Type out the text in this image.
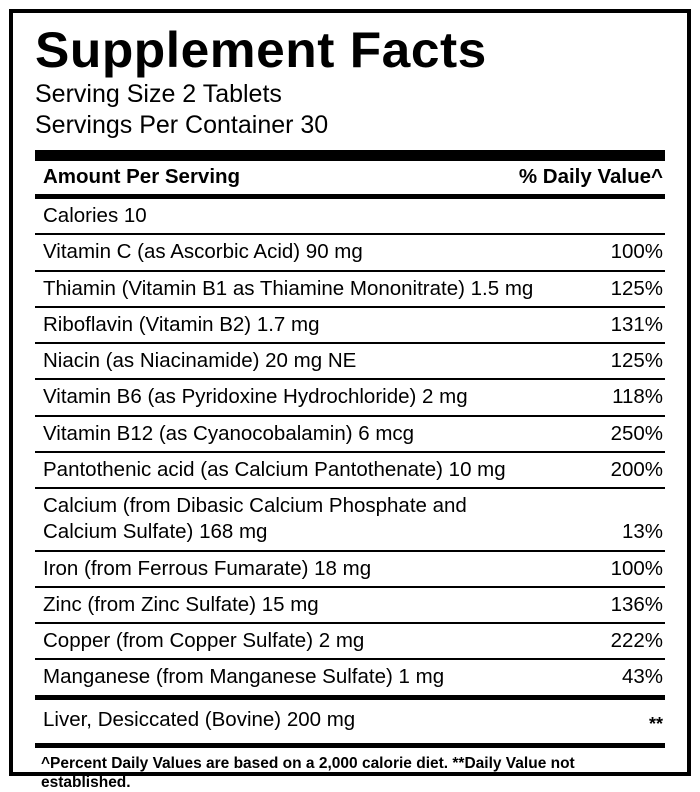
Supplement Facts
Serving Size 2 Tablets
Servings Per Container 30
Amount Per Serving	% Daily Value^
Calories 10
Vitamin C (as Ascorbic Acid) 90 mg	100%
Thiamin (Vitamin B1 as Thiamine Mononitrate) 1.5 mg	125%
Riboflavin (Vitamin B2) 1.7 mg	131%
Niacin (as Niacinamide) 20 mg NE	125%
Vitamin B6 (as Pyridoxine Hydrochloride) 2 mg	118%
Vitamin B12 (as Cyanocobalamin) 6 mcg	250%
Pantothenic acid (as Calcium Pantothenate) 10 mg	200%
Calcium (from Dibasic Calcium Phosphate and
Calcium Sulfate) 168 mg	13%
Iron (from Ferrous Fumarate) 18 mg	100%
Zinc (from Zinc Sulfate) 15 mg	136%
Copper (from Copper Sulfate) 2 mg	222%
Manganese (from Manganese Sulfate) 1 mg	43%
Liver, Desiccated (Bovine) 200 mg	**
^Percent Daily Values are based on a 2,000 calorie diet. **Daily Value not established.
